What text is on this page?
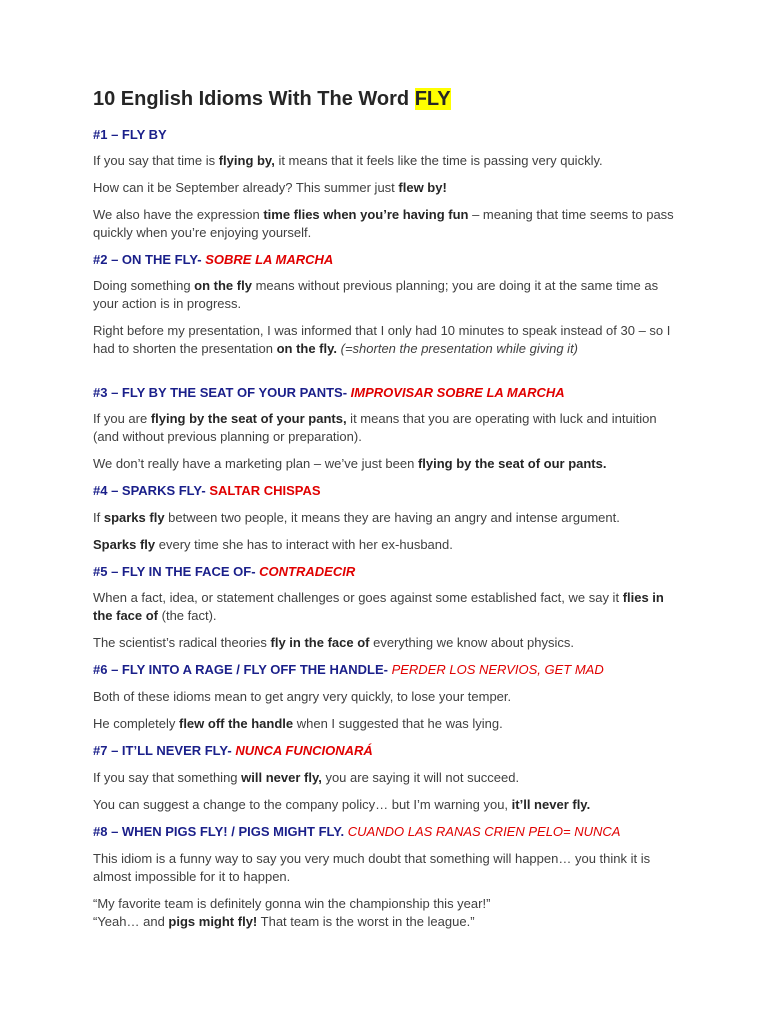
10 English Idioms With The Word FLY
#1 – FLY BY

If you say that time is flying by, it means that it feels like the time is passing very quickly.

How can it be September already? This summer just flew by!

We also have the expression time flies when you’re having fun – meaning that time seems to pass quickly when you’re enjoying yourself.

#2 – ON THE FLY- SOBRE LA MARCHA

Doing something on the fly means without previous planning; you are doing it at the same time as your action is in progress.

Right before my presentation, I was informed that I only had 10 minutes to speak instead of 30 – so I had to shorten the presentation on the fly. (=shorten the presentation while giving it)

#3 – FLY BY THE SEAT OF YOUR PANTS- IMPROVISAR SOBRE LA MARCHA

If you are flying by the seat of your pants, it means that you are operating with luck and intuition (and without previous planning or preparation).

We don’t really have a marketing plan – we’ve just been flying by the seat of our pants.

#4 – SPARKS FLY- SALTAR CHISPAS

If sparks fly between two people, it means they are having an angry and intense argument.

Sparks fly every time she has to interact with her ex-husband.

#5 – FLY IN THE FACE OF- CONTRADECIR

When a fact, idea, or statement challenges or goes against some established fact, we say it flies in the face of (the fact).

The scientist’s radical theories fly in the face of everything we know about physics.

#6 – FLY INTO A RAGE / FLY OFF THE HANDLE- PERDER LOS NERVIOS, GET MAD

Both of these idioms mean to get angry very quickly, to lose your temper.

He completely flew off the handle when I suggested that he was lying.

#7 – IT’LL NEVER FLY- NUNCA FUNCIONARÁ

If you say that something will never fly, you are saying it will not succeed.

You can suggest a change to the company policy… but I’m warning you, it’ll never fly.

#8 – WHEN PIGS FLY! / PIGS MIGHT FLY. CUANDO LAS RANAS CRIEN PELO= NUNCA

This idiom is a funny way to say you very much doubt that something will happen… you think it is almost impossible for it to happen.

“My favorite team is definitely gonna win the championship this year!”
“Yeah… and pigs might fly! That team is the worst in the league.”
